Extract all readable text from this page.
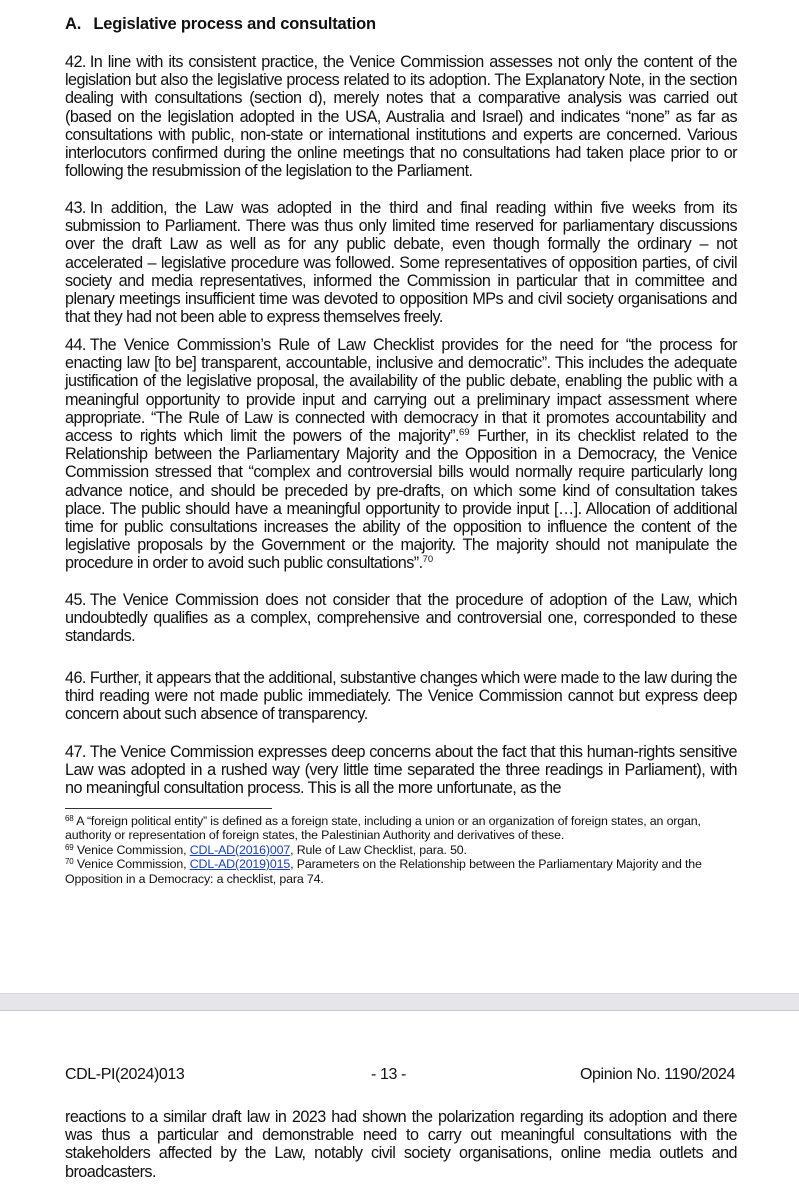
A. Legislative process and consultation
42. In line with its consistent practice, the Venice Commission assesses not only the content of the legislation but also the legislative process related to its adoption. The Explanatory Note, in the section dealing with consultations (section d), merely notes that a comparative analysis was carried out (based on the legislation adopted in the USA, Australia and Israel) and indicates “none” as far as consultations with public, non-state or international institutions and experts are concerned. Various interlocutors confirmed during the online meetings that no consultations had taken place prior to or following the resubmission of the legislation to the Parliament.
43. In addition, the Law was adopted in the third and final reading within five weeks from its submission to Parliament. There was thus only limited time reserved for parliamentary discussions over the draft Law as well as for any public debate, even though formally the ordinary – not accelerated – legislative procedure was followed. Some representatives of opposition parties, of civil society and media representatives, informed the Commission in particular that in committee and plenary meetings insufficient time was devoted to opposition MPs and civil society organisations and that they had not been able to express themselves freely.
44. The Venice Commission’s Rule of Law Checklist provides for the need for “the process for enacting law [to be] transparent, accountable, inclusive and democratic”. This includes the adequate justification of the legislative proposal, the availability of the public debate, enabling the public with a meaningful opportunity to provide input and carrying out a preliminary impact assessment where appropriate. “The Rule of Law is connected with democracy in that it promotes accountability and access to rights which limit the powers of the majority”.$^{69}$ Further, in its checklist related to the Relationship between the Parliamentary Majority and the Opposition in a Democracy, the Venice Commission stressed that “complex and controversial bills would normally require particularly long advance notice, and should be preceded by pre-drafts, on which some kind of consultation takes place. The public should have a meaningful opportunity to provide input […]. Allocation of additional time for public consultations increases the ability of the opposition to influence the content of the legislative proposals by the Government or the majority. The majority should not manipulate the procedure in order to avoid such public consultations”.$^{70}$
45. The Venice Commission does not consider that the procedure of adoption of the Law, which undoubtedly qualifies as a complex, comprehensive and controversial one, corresponded to these standards.
46. Further, it appears that the additional, substantive changes which were made to the law during the third reading were not made public immediately. The Venice Commission cannot but express deep concern about such absence of transparency.
47. The Venice Commission expresses deep concerns about the fact that this human-rights sensitive Law was adopted in a rushed way (very little time separated the three readings in Parliament), with no meaningful consultation process. This is all the more unfortunate, as the
$^{68}$ A “foreign political entity” is defined as a foreign state, including a union or an organization of foreign states, an organ, authority or representation of foreign states, the Palestinian Authority and derivatives of these.
$^{69}$ Venice Commission, CDL-AD(2016)007, Rule of Law Checklist, para. 50.
$^{70}$ Venice Commission, CDL-AD(2019)015, Parameters on the Relationship between the Parliamentary Majority and the Opposition in a Democracy: a checklist, para 74.
CDL-PI(2024)013	- 13 -	Opinion No. 1190/2024
reactions to a similar draft law in 2023 had shown the polarization regarding its adoption and there was thus a particular and demonstrable need to carry out meaningful consultations with the stakeholders affected by the Law, notably civil society organisations, online media outlets and broadcasters.
